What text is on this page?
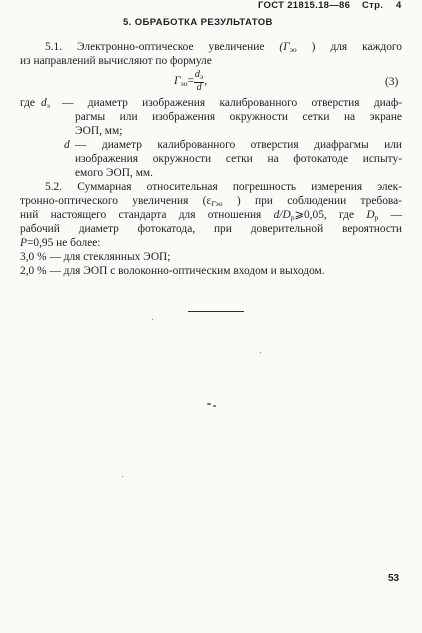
ГОСТ 21815.18—86 Стр. 4
5. ОБРАБОТКА РЕЗУЛЬТАТОВ
5.1. Электронно-оптическое увеличение ($Г_{эо}$ ) для каждого
из направлений вычисляют по формуле
$Г_{эо}= \frac{d_э}{d}$ ,	(3)
где $d_э$ — диаметр изображения калиброванного отверстия диаф-
рагмы или изображения окружности сетки на экране
ЭОП, мм;
d — диаметр калиброванного отверстия диафрагмы или
изображения окружности сетки на фотокатоде испыту-
емого ЭОП, мм.
5.2. Суммарная относительная погрешность измерения элек-
тронно-оптического увеличения ($\varepsilon_{Гэо}$ ) при соблюдении требова-
ний настоящего стандарта для отношения $d/D_р⩾0,05$, где $D_р$ —
рабочий диаметр фотокатода, при доверительной вероятности
P=0,95 не более:
3,0 % — для стеклянных ЭОП;
2,0 % — для ЭОП с волоконно-оптическим входом и выходом.
53
